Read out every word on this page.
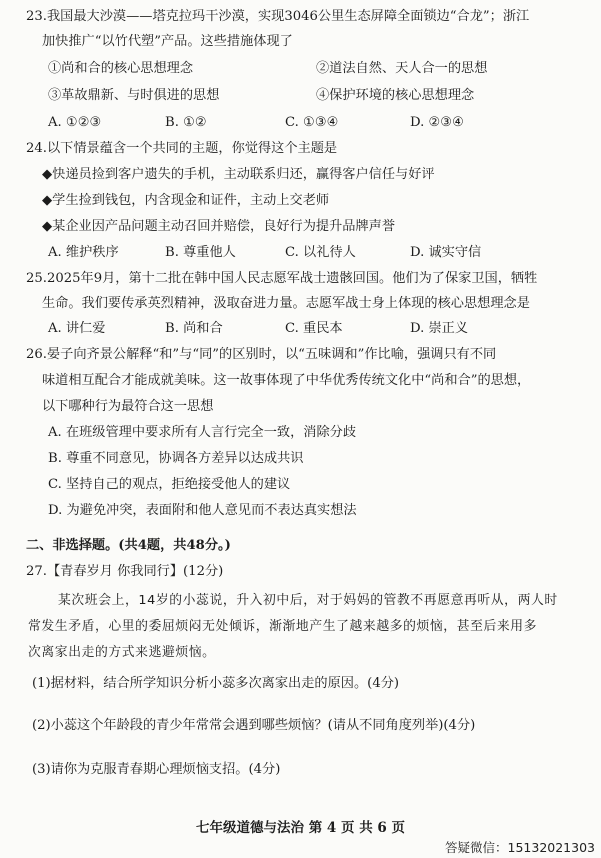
23.我国最大沙漠——塔克拉玛干沙漠，实现3046公里生态屏障全面锁边“合龙”；浙江
加快推广“以竹代塑”产品。这些措施体现了
①尚和合的核心思想理念	②道法自然、天人合一的思想
③革故鼎新、与时俱进的思想	④保护环境的核心思想理念
A. ①②③	B. ①②	C. ①③④	D. ②③④
24.以下情景蕴含一个共同的主题，你觉得这个主题是
◆快递员捡到客户遗失的手机，主动联系归还，赢得客户信任与好评
◆学生捡到钱包，内含现金和证件，主动上交老师
◆某企业因产品问题主动召回并赔偿，良好行为提升品牌声誉
A. 维护秩序	B. 尊重他人	C. 以礼待人	D. 诚实守信
25.2025年9月，第十二批在韩中国人民志愿军战士遗骸回国。他们为了保家卫国，牺牲
生命。我们要传承英烈精神，汲取奋进力量。志愿军战士身上体现的核心思想理念是
A. 讲仁爱	B. 尚和合	C. 重民本	D. 崇正义
26.晏子向齐景公解释“和”与“同”的区别时，以“五味调和”作比喻，强调只有不同
味道相互配合才能成就美味。这一故事体现了中华优秀传统文化中“尚和合”的思想，
以下哪种行为最符合这一思想
A. 在班级管理中要求所有人言行完全一致，消除分歧
B. 尊重不同意见，协调各方差异以达成共识
C. 坚持自己的观点，拒绝接受他人的建议
D. 为避免冲突，表面附和他人意见而不表达真实想法
二、非选择题。(共4题，共48分。)
27.【青春岁月 你我同行】(12分)
某次班会上，14岁的小蕊说，升入初中后，对于妈妈的管教不再愿意再听从，两人时
常发生矛盾，心里的委屈烦闷无处倾诉，渐渐地产生了越来越多的烦恼，甚至后来用多
次离家出走的方式来逃避烦恼。
(1)据材料，结合所学知识分析小蕊多次离家出走的原因。(4分)
(2)小蕊这个年龄段的青少年常常会遇到哪些烦恼？(请从不同角度列举)(4分)
(3)请你为克服青春期心理烦恼支招。(4分)
七年级道德与法治 第 4 页 共 6 页
答疑微信：15132021303
